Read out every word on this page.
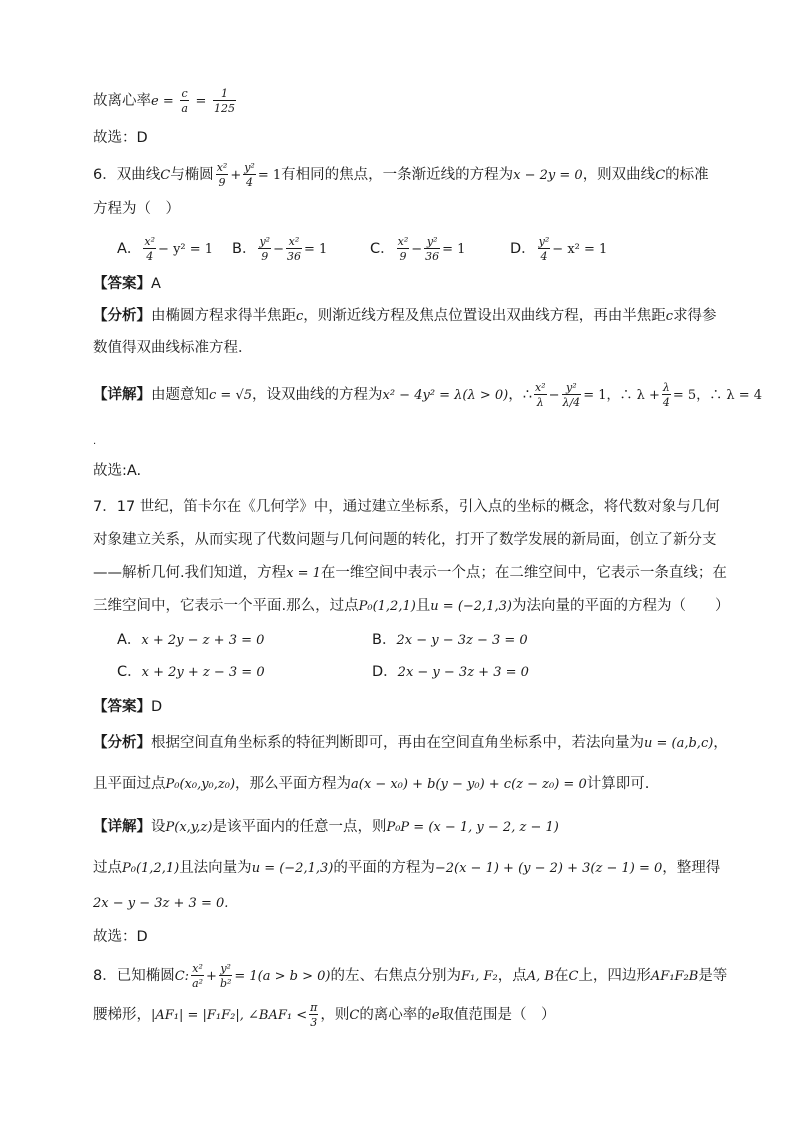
故离心率$e = \frac{c}{a} = \frac{1}{125}$
故选：D
6．双曲线C与椭圆 $\frac{\text{x²}}{9} + \frac{\text{y²}}{4} = 1$有相同的焦点，一条渐近线的方程为x − 2y = 0，则双曲线C的标准
方程为（　）
A． $\frac{\text{x²}}{4} - y^2 = 1$ B． $\frac{\text{y²}}{9} - \frac{\text{x²}}{36} = 1$	C． $\frac{\text{x²}}{9} - \frac{\text{y²}}{36} = 1$	D． $\frac{\text{y²}}{4} - x^2 = 1$
【答案】A
【分析】由椭圆方程求得半焦距c，则渐近线方程及焦点位置设出双曲线方程，再由半焦距c求得参
数值得双曲线标准方程．
【详解】由题意知c = √5，设双曲线的方程为x² − 4y² = λ(λ > 0)，∴ $\frac{\text{x²}}{\lambda} - \frac{\text{y²}}{\lambda/4} = 1$，∴ $\lambda + \frac{\lambda}{4} = 5$，∴ λ = 4
.
故选:A.
7．17 世纪，笛卡尔在《几何学》中，通过建立坐标系，引入点的坐标的概念，将代数对象与几何
对象建立关系，从而实现了代数问题与几何问题的转化，打开了数学发展的新局面，创立了新分支
——解析几何.我们知道，方程x = 1在一维空间中表示一个点；在二维空间中，它表示一条直线；在
三维空间中，它表示一个平面.那么，过点P₀(1,2,1)且u = (−2,1,3)为法向量的平面的方程为（　　）
A．x + 2y − z + 3 = 0	B．2x − y − 3z − 3 = 0
C．x + 2y + z − 3 = 0	D．2x − y − 3z + 3 = 0
【答案】D
【分析】根据空间直角坐标系的特征判断即可，再由在空间直角坐标系中，若法向量为u = (a,b,c)，
且平面过点P₀(x₀,y₀,z₀)，那么平面方程为a(x − x₀) + b(y − y₀) + c(z − z₀) = 0计算即可.
【详解】设P(x,y,z)是该平面内的任意一点，则P₀P = (x − 1, y − 2, z − 1)
过点P₀(1,2,1)且法向量为u = (−2,1,3)的平面的方程为−2(x − 1) + (y − 2) + 3(z − 1) = 0，整理得
2x − y − 3z + 3 = 0.
故选：D
8．已知椭圆C: $\frac{\text{x²}}{\text{a²}} + \frac{\text{y²}}{\text{b²}} = 1(a > b > 0)$的左、右焦点分别为F₁, F₂，点A, B在C上，四边形AF₁F₂B是等
腰梯形，|AF₁| = |F₁F₂|, ∠BAF₁ < $\frac{\pi}{3}$ ，则C的离心率的e取值范围是（　）
